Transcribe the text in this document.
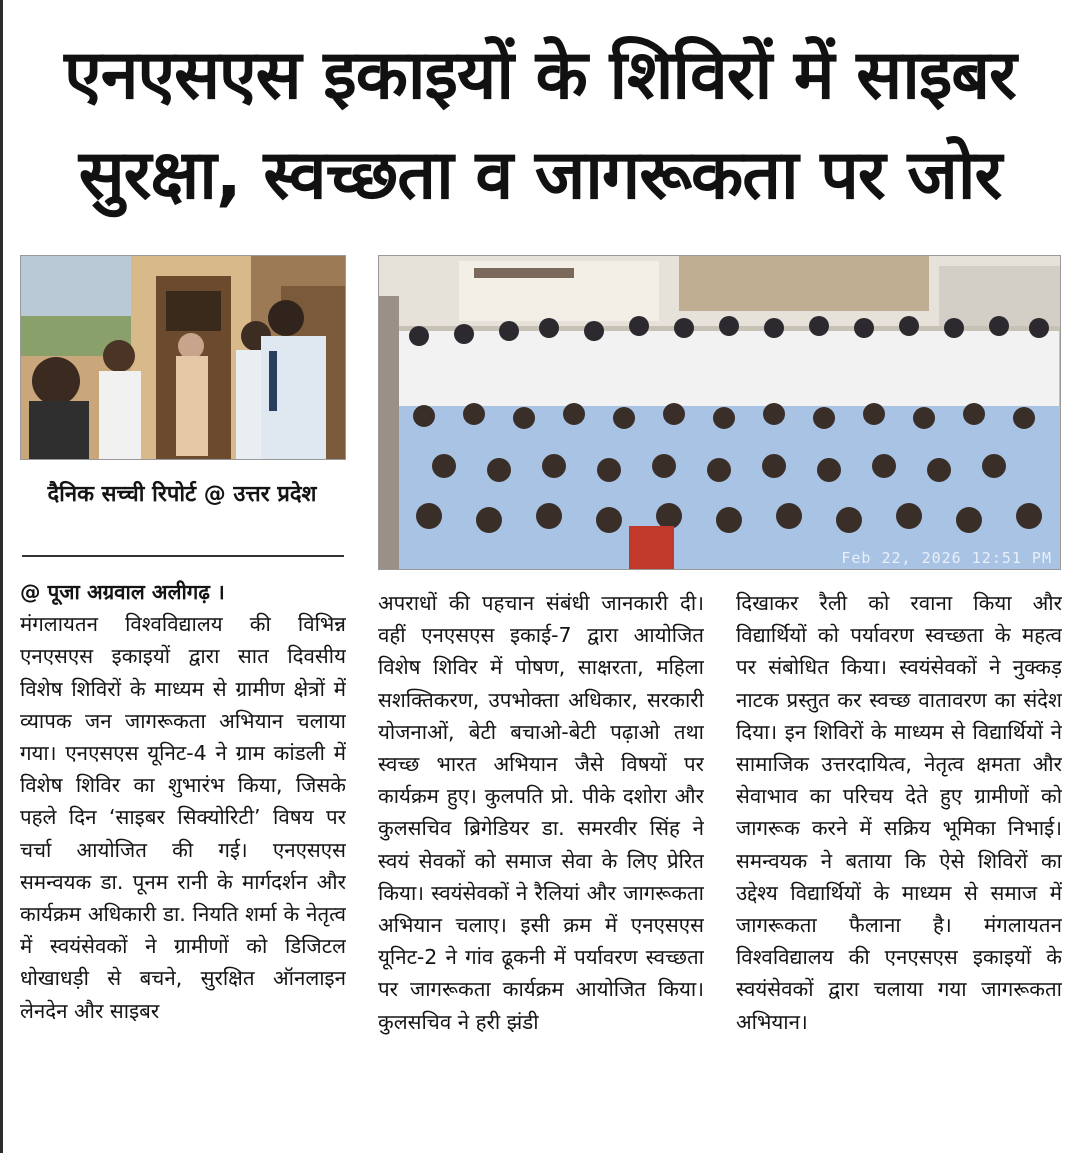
एनएसएस इकाइयों के शिविरों में साइबर
सुरक्षा, स्वच्छता व जागरूकता पर जोर
Feb 22, 2026 12:51 PM
दैनिक सच्ची रिपोर्ट @ उत्तर प्रदेश
@ पूजा अग्रवाल अलीगढ़ ।
मंगलायतन विश्वविद्यालय की विभिन्न एनएसएस इकाइयों द्वारा सात दिवसीय विशेष शिविरों के माध्यम से ग्रामीण क्षेत्रों में व्यापक जन जागरूकता अभियान चलाया गया। एनएसएस यूनिट-4 ने ग्राम कांडली में विशेष शिविर का शुभारंभ किया, जिसके पहले दिन ‘साइबर सिक्योरिटी’ विषय पर चर्चा आयोजित की गई। एनएसएस समन्वयक डा. पूनम रानी के मार्गदर्शन और कार्यक्रम अधिकारी डा. नियति शर्मा के नेतृत्व में स्वयंसेवकों ने ग्रामीणों को डिजिटल धोखाधड़ी से बचने, सुरक्षित ऑनलाइन लेनदेन और साइबर
अपराधों की पहचान संबंधी जानकारी दी। वहीं एनएसएस इकाई-7 द्वारा आयोजित विशेष शिविर में पोषण, साक्षरता, महिला सशक्तिकरण, उपभोक्ता अधिकार, सरकारी योजनाओं, बेटी बचाओ-बेटी पढ़ाओ तथा स्वच्छ भारत अभियान जैसे विषयों पर कार्यक्रम हुए। कुलपति प्रो. पीके दशोरा और कुलसचिव ब्रिगेडियर डा. समरवीर सिंह ने स्वयं सेवकों को समाज सेवा के लिए प्रेरित किया। स्वयंसेवकों ने रैलियां और जागरूकता अभियान चलाए। इसी क्रम में एनएसएस यूनिट-2 ने गांव ढूकनी में पर्यावरण स्वच्छता पर जागरूकता कार्यक्रम आयोजित किया। कुलसचिव ने हरी झंडी
दिखाकर रैली को रवाना किया और विद्यार्थियों को पर्यावरण स्वच्छता के महत्व पर संबोधित किया। स्वयंसेवकों ने नुक्कड़ नाटक प्रस्तुत कर स्वच्छ वातावरण का संदेश दिया। इन शिविरों के माध्यम से विद्यार्थियों ने सामाजिक उत्तरदायित्व, नेतृत्व क्षमता और सेवाभाव का परिचय देते हुए ग्रामीणों को जागरूक करने में सक्रिय भूमिका निभाई। समन्वयक ने बताया कि ऐसे शिविरों का उद्देश्य विद्यार्थियों के माध्यम से समाज में जागरूकता फैलाना है। मंगलायतन विश्वविद्यालय की एनएसएस इकाइयों के स्वयंसेवकों द्वारा चलाया गया जागरूकता अभियान।
